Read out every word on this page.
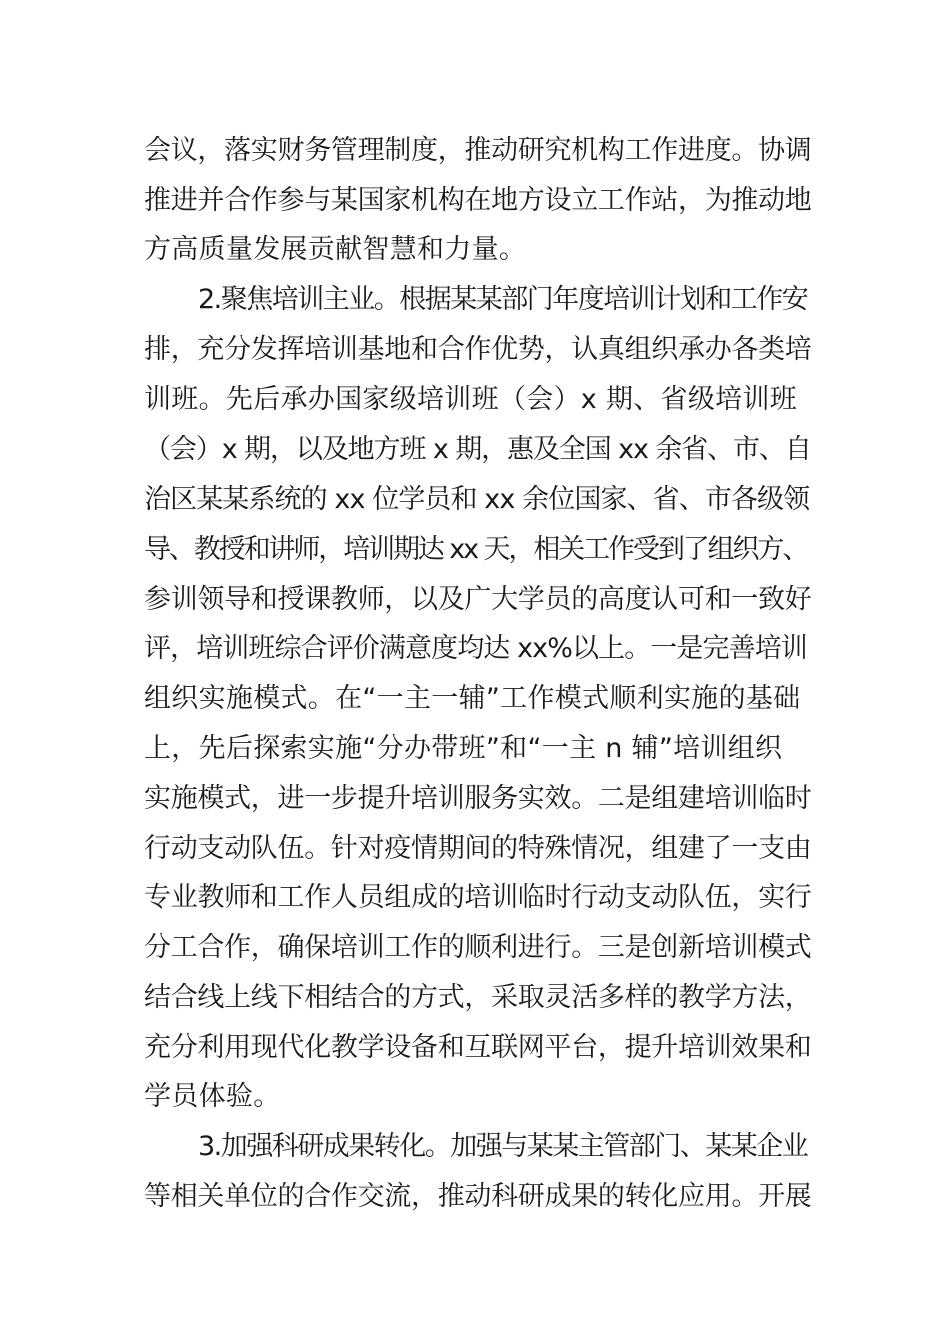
会议，落实财务管理制度，推动研究机构工作进度。协调
推进并合作参与某国家机构在地方设立工作站，为推动地
方高质量发展贡献智慧和力量。
2.聚焦培训主业。根据某某部门年度培训计划和工作安
排，充分发挥培训基地和合作优势，认真组织承办各类培
训班。先后承办国家级培训班（会）x 期、省级培训班
（会）x 期，以及地方班 x 期，惠及全国 xx 余省、市、自
治区某某系统的 xx 位学员和 xx 余位国家、省、市各级领
导、教授和讲师，培训期达 xx 天，相关工作受到了组织方、
参训领导和授课教师，以及广大学员的高度认可和一致好
评，培训班综合评价满意度均达 xx%以上。一是完善培训
组织实施模式。在“一主一辅”工作模式顺利实施的基础
上，先后探索实施“分办带班”和“一主 n 辅”培训组织
实施模式，进一步提升培训服务实效。二是组建培训临时
行动支动队伍。针对疫情期间的特殊情况，组建了一支由
专业教师和工作人员组成的培训临时行动支动队伍，实行
分工合作，确保培训工作的顺利进行。三是创新培训模式
结合线上线下相结合的方式，采取灵活多样的教学方法，
充分利用现代化教学设备和互联网平台，提升培训效果和
学员体验。
3.加强科研成果转化。加强与某某主管部门、某某企业
等相关单位的合作交流，推动科研成果的转化应用。开展
